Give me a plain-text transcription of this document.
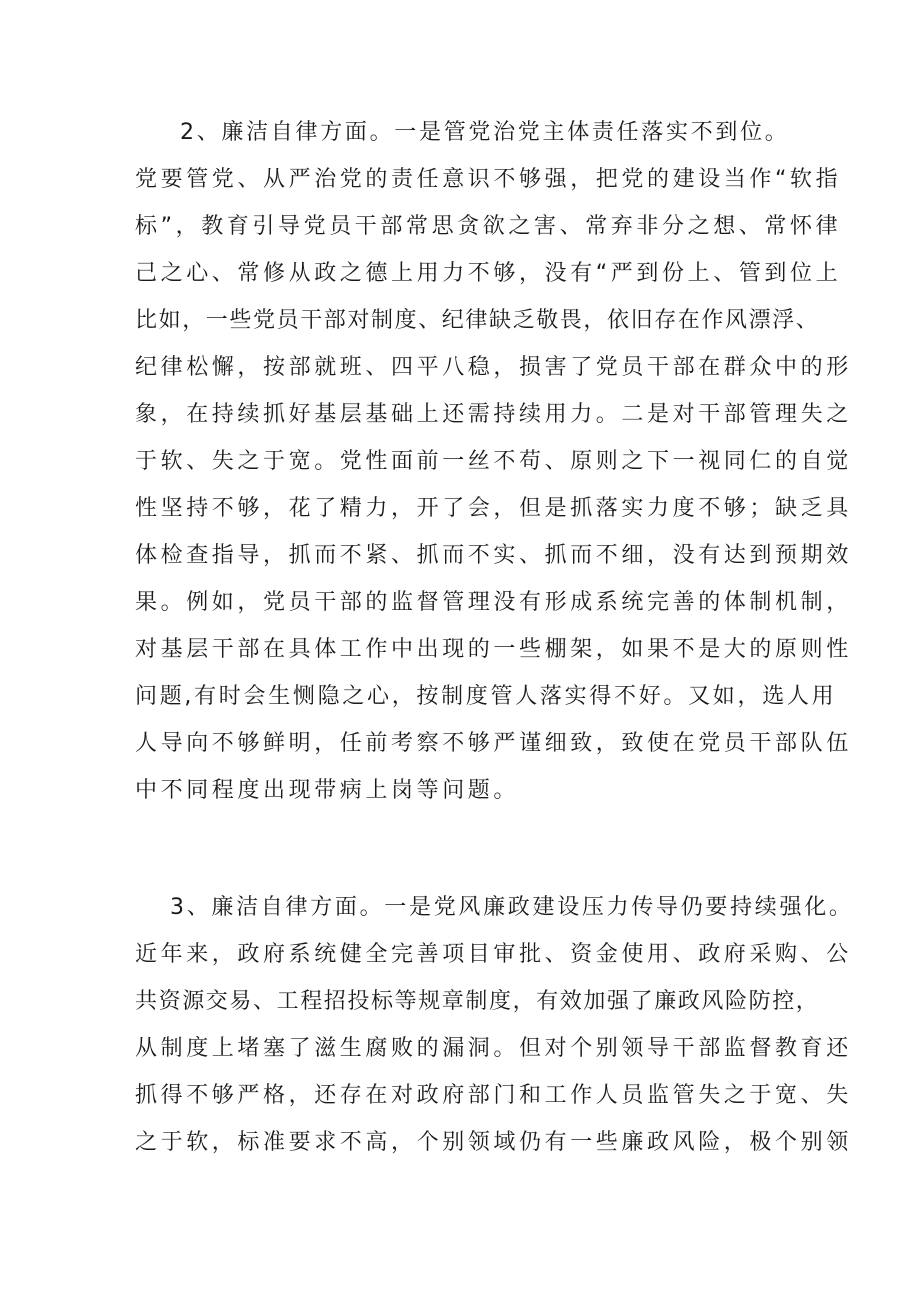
2、廉洁自律方面。一是管党治党主体责任落实不到位。

党要管党、从严治党的责任意识不够强，把党的建设当作“软指

标”，教育引导党员干部常思贪欲之害、常弃非分之想、常怀律

己之心、常修从政之德上用力不够，没有“严到份上、管到位上

比如，一些党员干部对制度、纪律缺乏敬畏，依旧存在作风漂浮、

纪律松懈，按部就班、四平八稳，损害了党员干部在群众中的形

象，在持续抓好基层基础上还需持续用力。二是对干部管理失之

于软、失之于宽。党性面前一丝不苟、原则之下一视同仁的自觉

性坚持不够，花了精力，开了会，但是抓落实力度不够；缺乏具

体检查指导，抓而不紧、抓而不实、抓而不细，没有达到预期效

果。例如，党员干部的监督管理没有形成系统完善的体制机制，

对基层干部在具体工作中出现的一些棚架，如果不是大的原则性

问题,有时会生恻隐之心，按制度管人落实得不好。又如，选人用

人导向不够鲜明，任前考察不够严谨细致，致使在党员干部队伍

中不同程度出现带病上岗等问题。

3、廉洁自律方面。一是党风廉政建设压力传导仍要持续强化。

近年来，政府系统健全完善项目审批、资金使用、政府采购、公

共资源交易、工程招投标等规章制度，有效加强了廉政风险防控，

从制度上堵塞了滋生腐败的漏洞。但对个别领导干部监督教育还

抓得不够严格，还存在对政府部门和工作人员监管失之于宽、失

之于软，标准要求不高，个别领域仍有一些廉政风险，极个别领
